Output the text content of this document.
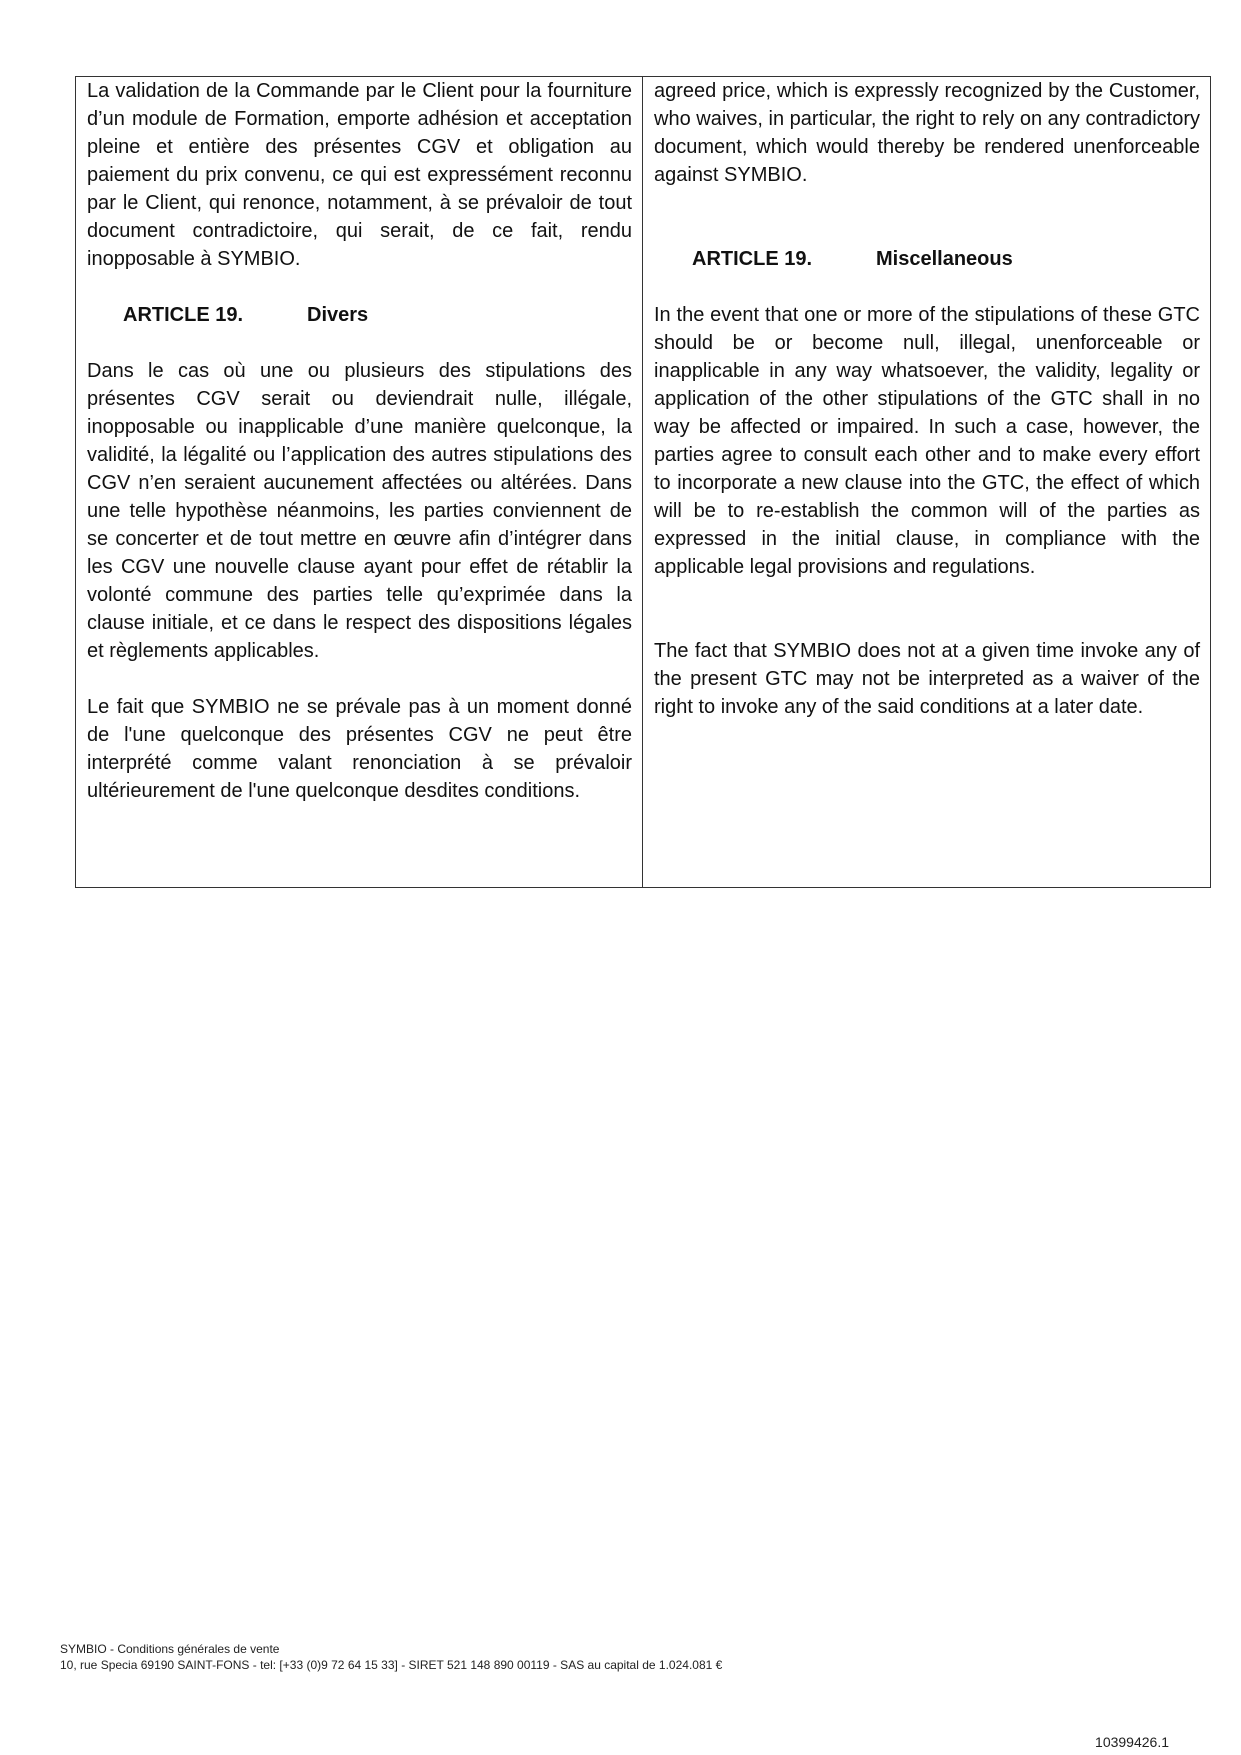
La validation de la Commande par le Client pour la fourniture d’un module de Formation, emporte adhésion et acceptation pleine et entière des présentes CGV et obligation au paiement du prix convenu, ce qui est expressément reconnu par le Client, qui renonce, notamment, à se prévaloir de tout document contradictoire, qui serait, de ce fait, rendu inopposable à SYMBIO.

ARTICLE 19.	Divers

Dans le cas où une ou plusieurs des stipulations des présentes CGV serait ou deviendrait nulle, illégale, inopposable ou inapplicable d’une manière quelconque, la validité, la légalité ou l’application des autres stipulations des CGV n’en seraient aucunement affectées ou altérées. Dans une telle hypothèse néanmoins, les parties conviennent de se concerter et de tout mettre en œuvre afin d’intégrer dans les CGV une nouvelle clause ayant pour effet de rétablir la volonté commune des parties telle qu’exprimée dans la clause initiale, et ce dans le respect des dispositions légales et règlements applicables.

Le fait que SYMBIO ne se prévale pas à un moment donné de l'une quelconque des présentes CGV ne peut être interprété comme valant renonciation à se prévaloir ultérieurement de l'une quelconque desdites conditions.

agreed price, which is expressly recognized by the Customer, who waives, in particular, the right to rely on any contradictory document, which would thereby be rendered unenforceable against SYMBIO.

ARTICLE 19.	Miscellaneous

In the event that one or more of the stipulations of these GTC should be or become null, illegal, unenforceable or inapplicable in any way whatsoever, the validity, legality or application of the other stipulations of the GTC shall in no way be affected or impaired. In such a case, however, the parties agree to consult each other and to make every effort to incorporate a new clause into the GTC, the effect of which will be to re-establish the common will of the parties as expressed in the initial clause, in compliance with the applicable legal provisions and regulations.

The fact that SYMBIO does not at a given time invoke any of the present GTC may not be interpreted as a waiver of the right to invoke any of the said conditions at a later date.

SYMBIO - Conditions générales de vente
10, rue Specia 69190 SAINT-FONS - tel: [+33 (0)9 72 64 15 33] - SIRET 521 148 890 00119 - SAS au capital de 1.024.081 €
10399426.1
